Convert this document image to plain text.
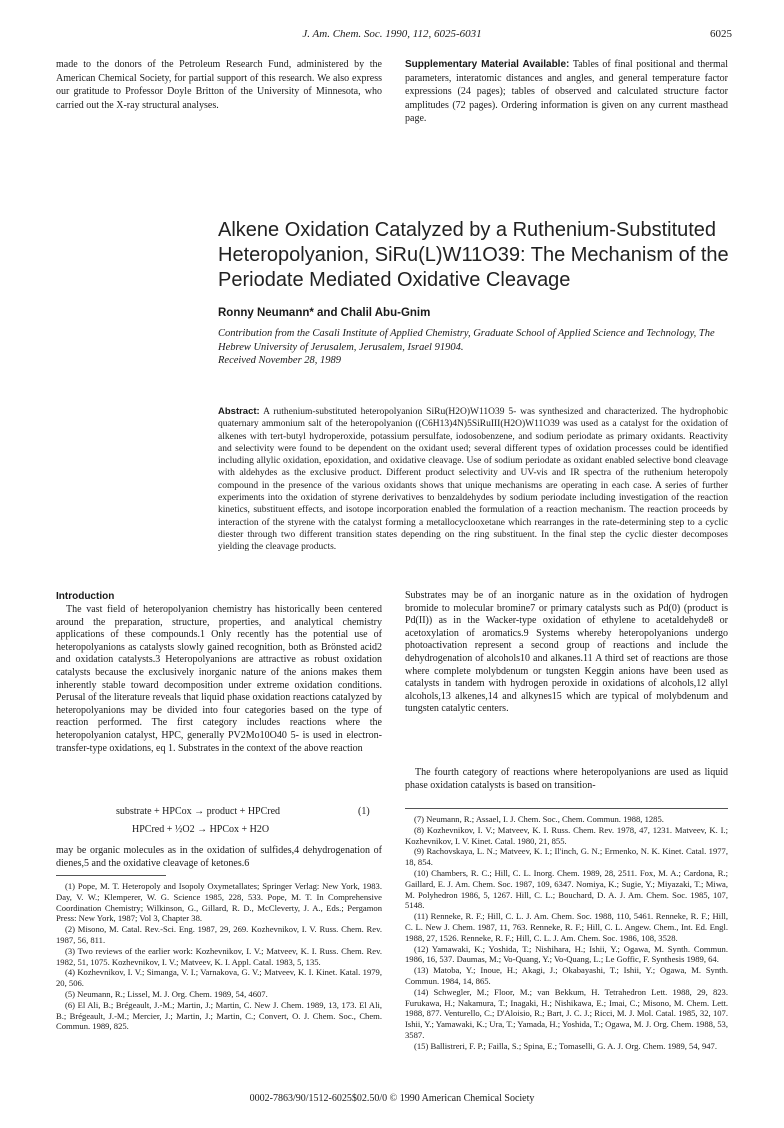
J. Am. Chem. Soc. 1990, 112, 6025-6031	6025

made to the donors of the Petroleum Research Fund, administered by the American Chemical Society, for partial support of this research. We also express our gratitude to Professor Doyle Britton of the University of Minnesota, who carried out the X-ray structural analyses.

Supplementary Material Available: Tables of final positional and thermal parameters, interatomic distances and angles, and general temperature factor expressions (24 pages); tables of observed and calculated structure factor amplitudes (72 pages). Ordering information is given on any current masthead page.

Alkene Oxidation Catalyzed by a Ruthenium-Substituted
Heteropolyanion, SiRu(L)W11O39: The Mechanism of the
Periodate Mediated Oxidative Cleavage
Ronny Neumann* and Chalil Abu-Gnim
Contribution from the Casali Institute of Applied Chemistry, Graduate School of Applied Science and Technology, The Hebrew University of Jerusalem, Jerusalem, Israel 91904.
Received November 28, 1989

Abstract: A ruthenium-substituted heteropolyanion SiRu(H2O)W11O39 5- was synthesized and characterized. The hydrophobic quaternary ammonium salt of the heteropolyanion ((C6H13)4N)5SiRuIII(H2O)W11O39 was used as a catalyst for the oxidation of alkenes with tert-butyl hydroperoxide, potassium persulfate, iodosobenzene, and sodium periodate as primary oxidants. Reactivity and selectivity were found to be dependent on the oxidant used; several different types of oxidation processes could be identified including allylic oxidation, epoxidation, and oxidative cleavage. Use of sodium periodate as oxidant enabled selective bond cleavage with aldehydes as the exclusive product. Different product selectivity and UV-vis and IR spectra of the ruthenium heteropoly compound in the presence of the various oxidants shows that unique mechanisms are operating in each case. A series of further experiments into the oxidation of styrene derivatives to benzaldehydes by sodium periodate including investigation of the reaction kinetics, substituent effects, and isotope incorporation enabled the formulation of a reaction mechanism. The reaction proceeds by interaction of the styrene with the catalyst forming a metallocyclooxetane which rearranges in the rate-determining step to a cyclic diester through two different transition states depending on the ring substituent. In the final step the cyclic diester decomposes yielding the cleavage products.

Introduction

The vast field of heteropolyanion chemistry has historically been centered around the preparation, structure, properties, and analytical chemistry applications of these compounds.1 Only recently has the potential use of heteropolyanions as catalysts slowly gained recognition, both as Brönsted acid2 and oxidation catalysts.3 Heteropolyanions are attractive as robust oxidation catalysts because the exclusively inorganic nature of the anions makes them inherently stable toward decomposition under extreme oxidation conditions. Perusal of the literature reveals that liquid phase oxidation reactions catalyzed by heteropolyanions may be divided into four categories based on the type of reaction performed. The first category includes reactions where the heteropolyanion catalyst, HPC, generally PV2Mo10O40 5- is used in electron-transfer-type oxidations, eq 1. Substrates in the context of the above reaction

substrate + HPCox → product + HPCred	(1)
HPCred + ½O2 → HPCox + H2O

may be organic molecules as in the oxidation of sulfides,4 dehydrogenation of dienes,5 and the oxidative cleavage of ketones.6

Substrates may be of an inorganic nature as in the oxidation of hydrogen bromide to molecular bromine7 or primary catalysts such as Pd(0) (product is Pd(II)) as in the Wacker-type oxidation of ethylene to acetaldehyde8 or acetoxylation of aromatics.9 Systems whereby heteropolyanions undergo photoactivation represent a second group of reactions and include the dehydrogenation of alcohols10 and alkanes.11 A third set of reactions are those where complete molybdenum or tungsten Keggin anions have been used as catalysts in tandem with hydrogen peroxide in oxidations of alcohols,12 allyl alcohols,13 alkenes,14 and alkynes15 which are typical of molybdenum and tungsten catalytic centers.

The fourth category of reactions where heteropolyanions are used as liquid phase oxidation catalysts is based on transition-

(1) Pope, M. T. Heteropoly and Isopoly Oxymetallates; Springer Verlag: New York, 1983. Day, V. W.; Klemperer, W. G. Science 1985, 228, 533. Pope, M. T. In Comprehensive Coordination Chemistry; Wilkinson, G., Gillard, R. D., McCleverty, J. A., Eds.; Pergamon Press: New York, 1987; Vol 3, Chapter 38.

(2) Misono, M. Catal. Rev.-Sci. Eng. 1987, 29, 269. Kozhevnikov, I. V. Russ. Chem. Rev. 1987, 56, 811.

(3) Two reviews of the earlier work: Kozhevnikov, I. V.; Matveev, K. I. Russ. Chem. Rev. 1982, 51, 1075. Kozhevnikov, I. V.; Matveev, K. I. Appl. Catal. 1983, 5, 135.

(4) Kozhevnikov, I. V.; Simanga, V. I.; Varnakova, G. V.; Matveev, K. I. Kinet. Katal. 1979, 20, 506.

(5) Neumann, R.; Lissel, M. J. Org. Chem. 1989, 54, 4607.

(6) El Ali, B.; Brégeault, J.-M.; Martin, J.; Martin, C. New J. Chem. 1989, 13, 173. El Ali, B.; Brégeault, J.-M.; Mercier, J.; Martin, J.; Martin, C.; Convert, O. J. Chem. Soc., Chem. Commun. 1989, 825.

(7) Neumann, R.; Assael, I. J. Chem. Soc., Chem. Commun. 1988, 1285.

(8) Kozhevnikov, I. V.; Matveev, K. I. Russ. Chem. Rev. 1978, 47, 1231. Matveev, K. I.; Kozhevnikov, I. V. Kinet. Catal. 1980, 21, 855.

(9) Rachovskaya, L. N.; Matveev, K. I.; Il'inch, G. N.; Ermenko, N. K. Kinet. Catal. 1977, 18, 854.

(10) Chambers, R. C.; Hill, C. L. Inorg. Chem. 1989, 28, 2511. Fox, M. A.; Cardona, R.; Gaillard, E. J. Am. Chem. Soc. 1987, 109, 6347. Nomiya, K.; Sugie, Y.; Miyazaki, T.; Miwa, M. Polyhedron 1986, 5, 1267. Hill, C. L.; Bouchard, D. A. J. Am. Chem. Soc. 1985, 107, 5148.

(11) Renneke, R. F.; Hill, C. L. J. Am. Chem. Soc. 1988, 110, 5461. Renneke, R. F.; Hill, C. L. New J. Chem. 1987, 11, 763. Renneke, R. F.; Hill, C. L. Angew. Chem., Int. Ed. Engl. 1988, 27, 1526. Renneke, R. F.; Hill, C. L. J. Am. Chem. Soc. 1986, 108, 3528.

(12) Yamawaki, K.; Yoshida, T.; Nishihara, H.; Ishii, Y.; Ogawa, M. Synth. Commun. 1986, 16, 537. Daumas, M.; Vo-Quang, Y.; Vo-Quang, L.; Le Goffic, F. Synthesis 1989, 64.

(13) Matoba, Y.; Inoue, H.; Akagi, J.; Okabayashi, T.; Ishii, Y.; Ogawa, M. Synth. Commun. 1984, 14, 865.

(14) Schwegler, M.; Floor, M.; van Bekkum, H. Tetrahedron Lett. 1988, 29, 823. Furukawa, H.; Nakamura, T.; Inagaki, H.; Nishikawa, E.; Imai, C.; Misono, M. Chem. Lett. 1988, 877. Venturello, C.; D'Aloisio, R.; Bart, J. C. J.; Ricci, M. J. Mol. Catal. 1985, 32, 107. Ishii, Y.; Yamawaki, K.; Ura, T.; Yamada, H.; Yoshida, T.; Ogawa, M. J. Org. Chem. 1988, 53, 3587.

(15) Ballistreri, F. P.; Failla, S.; Spina, E.; Tomaselli, G. A. J. Org. Chem. 1989, 54, 947.

0002-7863/90/1512-6025$02.50/0 © 1990 American Chemical Society
